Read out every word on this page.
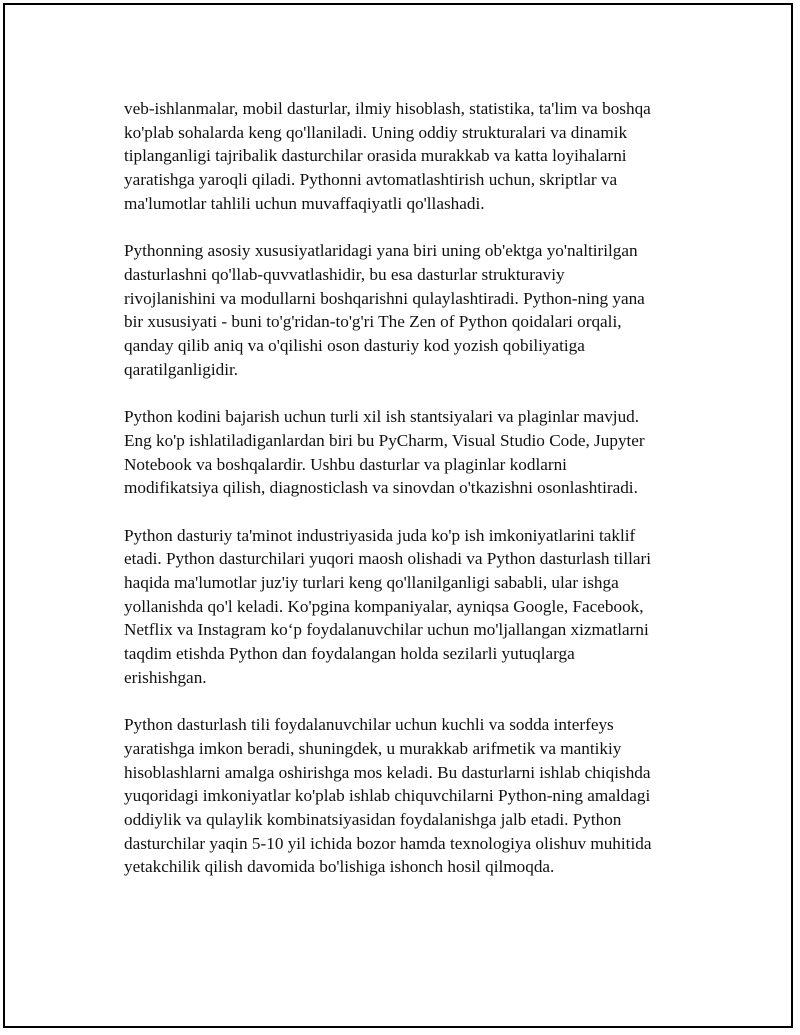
veb-ishlanmalar, mobil dasturlar, ilmiy hisoblash, statistika, ta'lim va boshqa
ko'plab sohalarda keng qo'llaniladi. Uning oddiy strukturalari va dinamik
tiplanganligi tajribalik dasturchilar orasida murakkab va katta loyihalarni
yaratishga yaroqli qiladi. Pythonni avtomatlashtirish uchun, skriptlar va
ma'lumotlar tahlili uchun muvaffaqiyatli qo'llashadi.

Pythonning asosiy xususiyatlaridagi yana biri uning ob'ektga yo'naltirilgan
dasturlashni qo'llab-quvvatlashidir, bu esa dasturlar strukturaviy
rivojlanishini va modullarni boshqarishni qulaylashtiradi. Python-ning yana
bir xususiyati - buni to'g'ridan-to'g'ri The Zen of Python qoidalari orqali,
qanday qilib aniq va o'qilishi oson dasturiy kod yozish qobiliyatiga
qaratilganligidir.

Python kodini bajarish uchun turli xil ish stantsiyalari va plaginlar mavjud.
Eng ko'p ishlatiladiganlardan biri bu PyCharm, Visual Studio Code, Jupyter
Notebook va boshqalardir. Ushbu dasturlar va plaginlar kodlarni
modifikatsiya qilish, diagnosticlash va sinovdan o'tkazishni osonlashtiradi.

Python dasturiy ta'minot industriyasida juda ko'p ish imkoniyatlarini taklif
etadi. Python dasturchilari yuqori maosh olishadi va Python dasturlash tillari
haqida ma'lumotlar juz'iy turlari keng qo'llanilganligi sababli, ular ishga
yollanishda qo'l keladi. Ko'pgina kompaniyalar, ayniqsa Google, Facebook,
Netflix va Instagram ko‘p foydalanuvchilar uchun mo'ljallangan xizmatlarni
taqdim etishda Python dan foydalangan holda sezilarli yutuqlarga
erishishgan.

Python dasturlash tili foydalanuvchilar uchun kuchli va sodda interfeys
yaratishga imkon beradi, shuningdek, u murakkab arifmetik va mantikiy
hisoblashlarni amalga oshirishga mos keladi. Bu dasturlarni ishlab chiqishda
yuqoridagi imkoniyatlar ko'plab ishlab chiquvchilarni Python-ning amaldagi
oddiylik va qulaylik kombinatsiyasidan foydalanishga jalb etadi. Python
dasturchilar yaqin 5-10 yil ichida bozor hamda texnologiya olishuv muhitida
yetakchilik qilish davomida bo'lishiga ishonch hosil qilmoqda.
